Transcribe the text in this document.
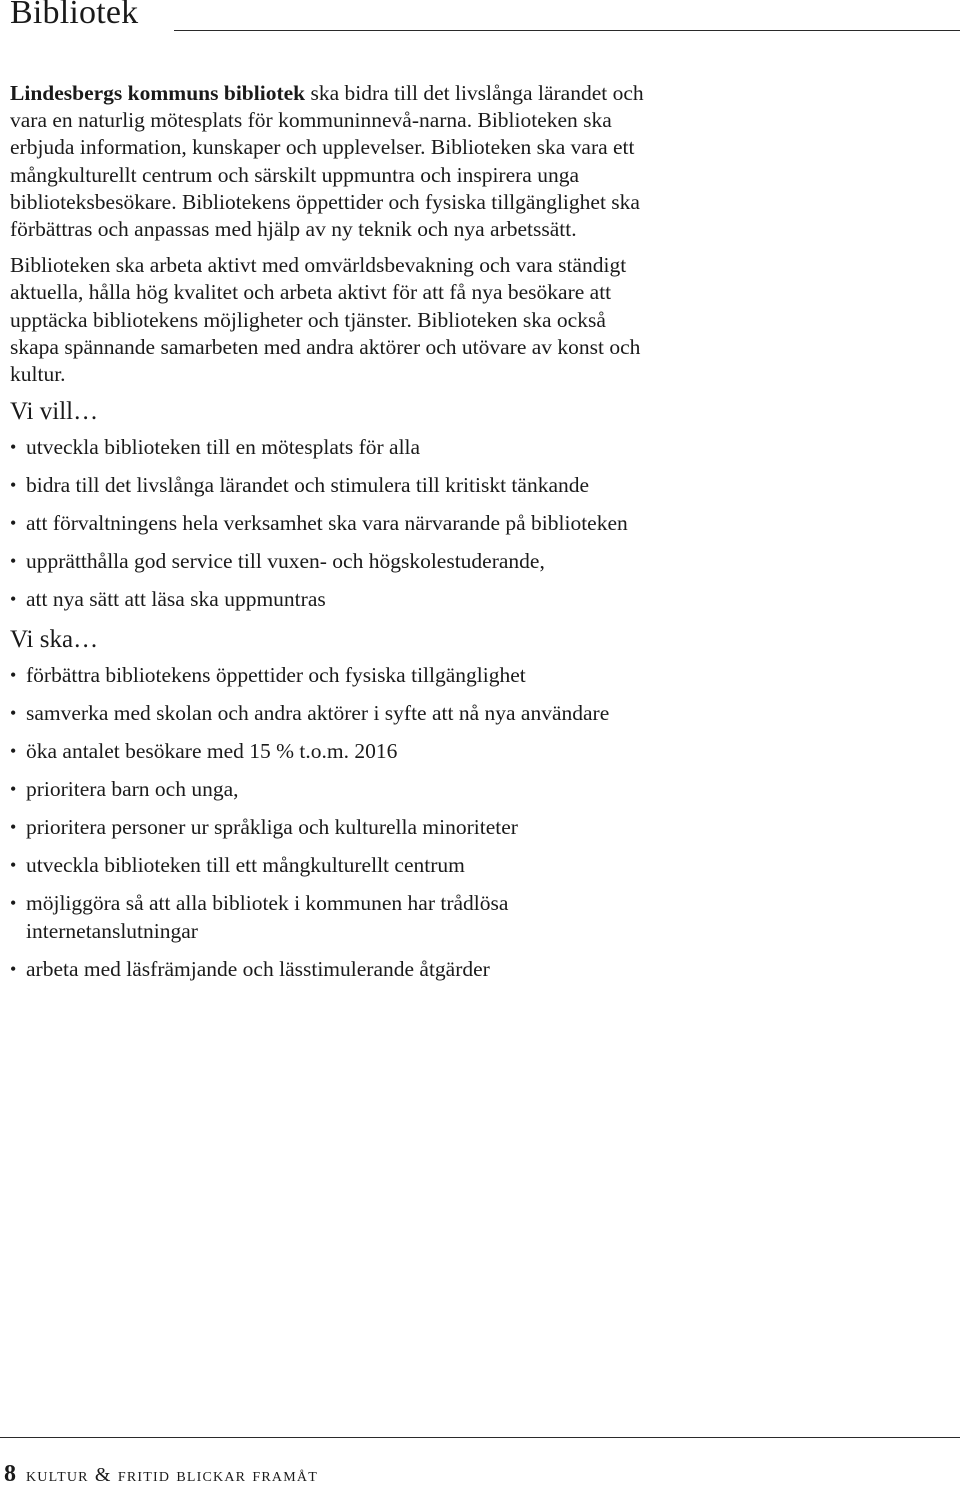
Bibliotek

Lindesbergs kommuns bibliotek ska bidra till det livslånga lärandet och vara en naturlig mötesplats för kommuninnevå-narna. Biblioteken ska erbjuda information, kunskaper och upplevelser. Biblioteken ska vara ett mångkulturellt centrum och särskilt uppmuntra och inspirera unga biblioteksbesökare. Bibliotekens öppettider och fysiska tillgänglighet ska förbättras och anpassas med hjälp av ny teknik och nya arbetssätt.

Biblioteken ska arbeta aktivt med omvärldsbevakning och vara ständigt aktuella, hålla hög kvalitet och arbeta aktivt för att få nya besökare att upptäcka bibliotekens möjligheter och tjänster. Biblioteken ska också skapa spännande samarbeten med andra aktörer och utövare av konst och kultur.

Vi vill…
• utveckla biblioteken till en mötesplats för alla
• bidra till det livslånga lärandet och stimulera till kritiskt tänkande
• att förvaltningens hela verksamhet ska vara närvarande på biblioteken
• upprätthålla god service till vuxen- och högskolestuderande,
• att nya sätt att läsa ska uppmuntras
Vi ska…
• förbättra bibliotekens öppettider och fysiska tillgänglighet
• samverka med skolan och andra aktörer i syfte att nå nya användare
• öka antalet besökare med 15 % t.o.m. 2016
• prioritera barn och unga,
• prioritera personer ur språkliga och kulturella minoriteter
• utveckla biblioteken till ett mångkulturellt centrum
• möjliggöra så att alla bibliotek i kommunen har trådlösa internetanslutningar
• arbeta med läsfrämjande och lässtimulerande åtgärder
8 kultur & fritid blickar framåt
